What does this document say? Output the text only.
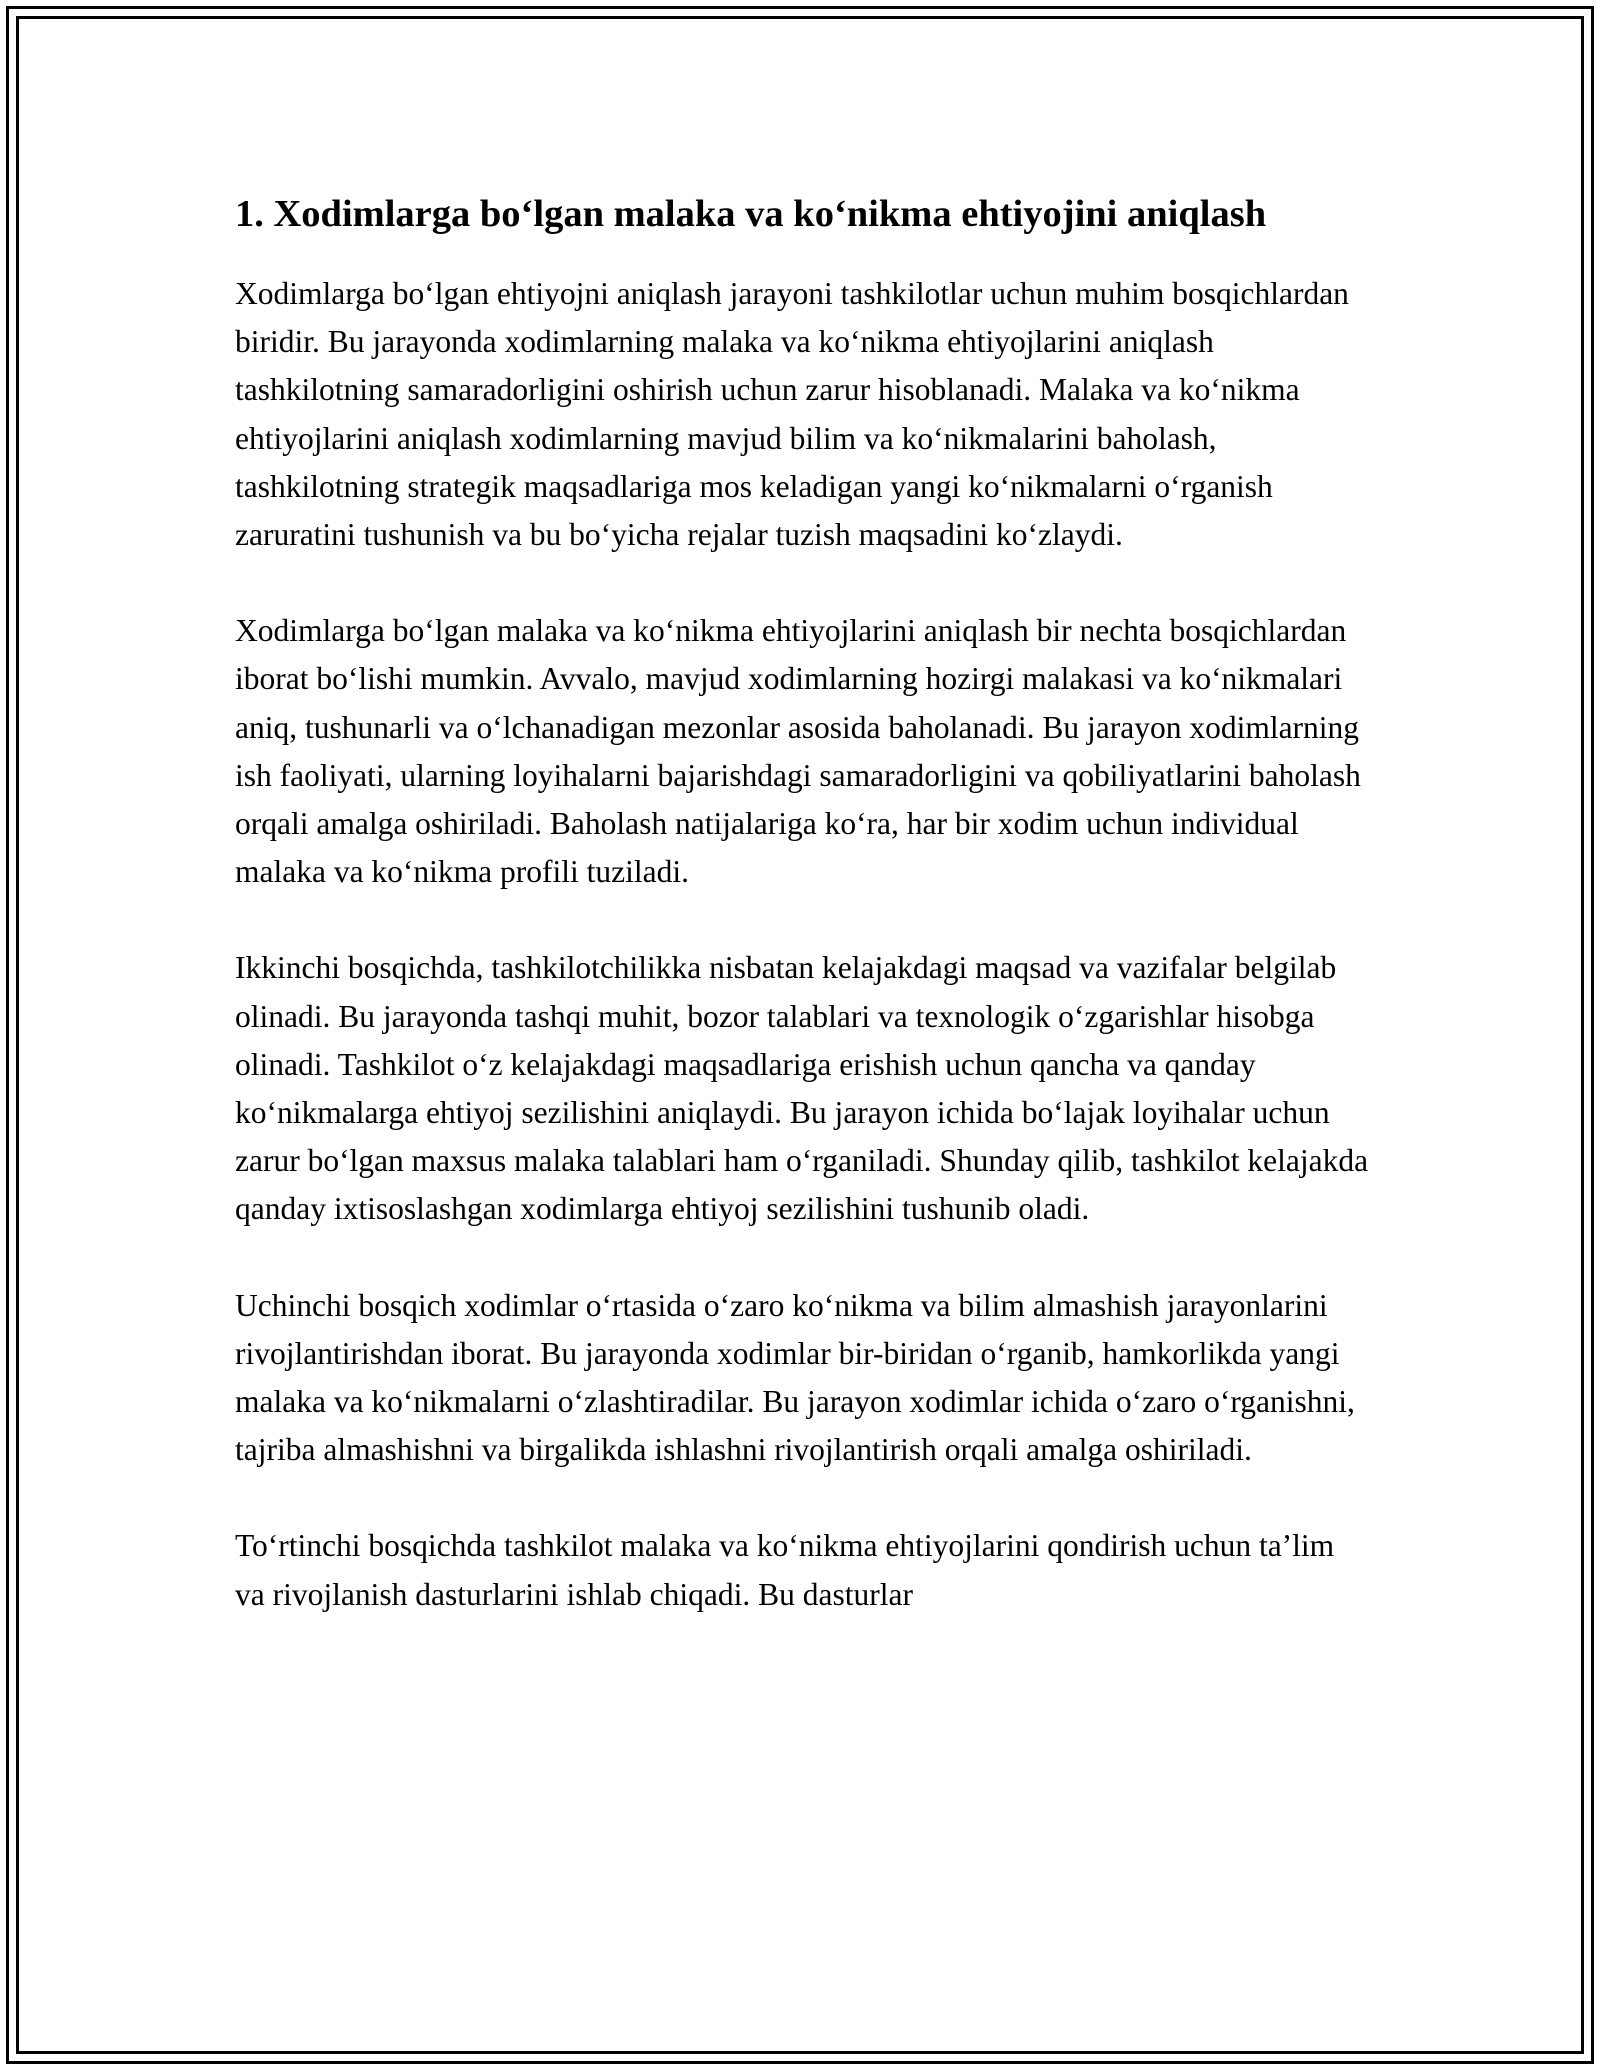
1. Xodimlarga bo‘lgan malaka va ko‘nikma ehtiyojini aniqlash

Xodimlarga bo‘lgan ehtiyojni aniqlash jarayoni tashkilotlar uchun muhim bosqichlardan biridir. Bu jarayonda xodimlarning malaka va ko‘nikma ehtiyojlarini aniqlash tashkilotning samaradorligini oshirish uchun zarur hisoblanadi. Malaka va ko‘nikma ehtiyojlarini aniqlash xodimlarning mavjud bilim va ko‘nikmalarini baholash, tashkilotning strategik maqsadlariga mos keladigan yangi ko‘nikmalarni o‘rganish zaruratini tushunish va bu bo‘yicha rejalar tuzish maqsadini ko‘zlaydi.

Xodimlarga bo‘lgan malaka va ko‘nikma ehtiyojlarini aniqlash bir nechta bosqichlardan iborat bo‘lishi mumkin. Avvalo, mavjud xodimlarning hozirgi malakasi va ko‘nikmalari aniq, tushunarli va o‘lchanadigan mezonlar asosida baholanadi. Bu jarayon xodimlarning ish faoliyati, ularning loyihalarni bajarishdagi samaradorligini va qobiliyatlarini baholash orqali amalga oshiriladi. Baholash natijalariga ko‘ra, har bir xodim uchun individual malaka va ko‘nikma profili tuziladi.

Ikkinchi bosqichda, tashkilotchilikka nisbatan kelajakdagi maqsad va vazifalar belgilab olinadi. Bu jarayonda tashqi muhit, bozor talablari va texnologik o‘zgarishlar hisobga olinadi. Tashkilot o‘z kelajakdagi maqsadlariga erishish uchun qancha va qanday ko‘nikmalarga ehtiyoj sezilishini aniqlaydi. Bu jarayon ichida bo‘lajak loyihalar uchun zarur bo‘lgan maxsus malaka talablari ham o‘rganiladi. Shunday qilib, tashkilot kelajakda qanday ixtisoslashgan xodimlarga ehtiyoj sezilishini tushunib oladi.

Uchinchi bosqich xodimlar o‘rtasida o‘zaro ko‘nikma va bilim almashish jarayonlarini rivojlantirishdan iborat. Bu jarayonda xodimlar bir-biridan o‘rganib, hamkorlikda yangi malaka va ko‘nikmalarni o‘zlashtiradilar. Bu jarayon xodimlar ichida o‘zaro o‘rganishni, tajriba almashishni va birgalikda ishlashni rivojlantirish orqali amalga oshiriladi.

To‘rtinchi bosqichda tashkilot malaka va ko‘nikma ehtiyojlarini qondirish uchun ta’lim va rivojlanish dasturlarini ishlab chiqadi. Bu dasturlar
